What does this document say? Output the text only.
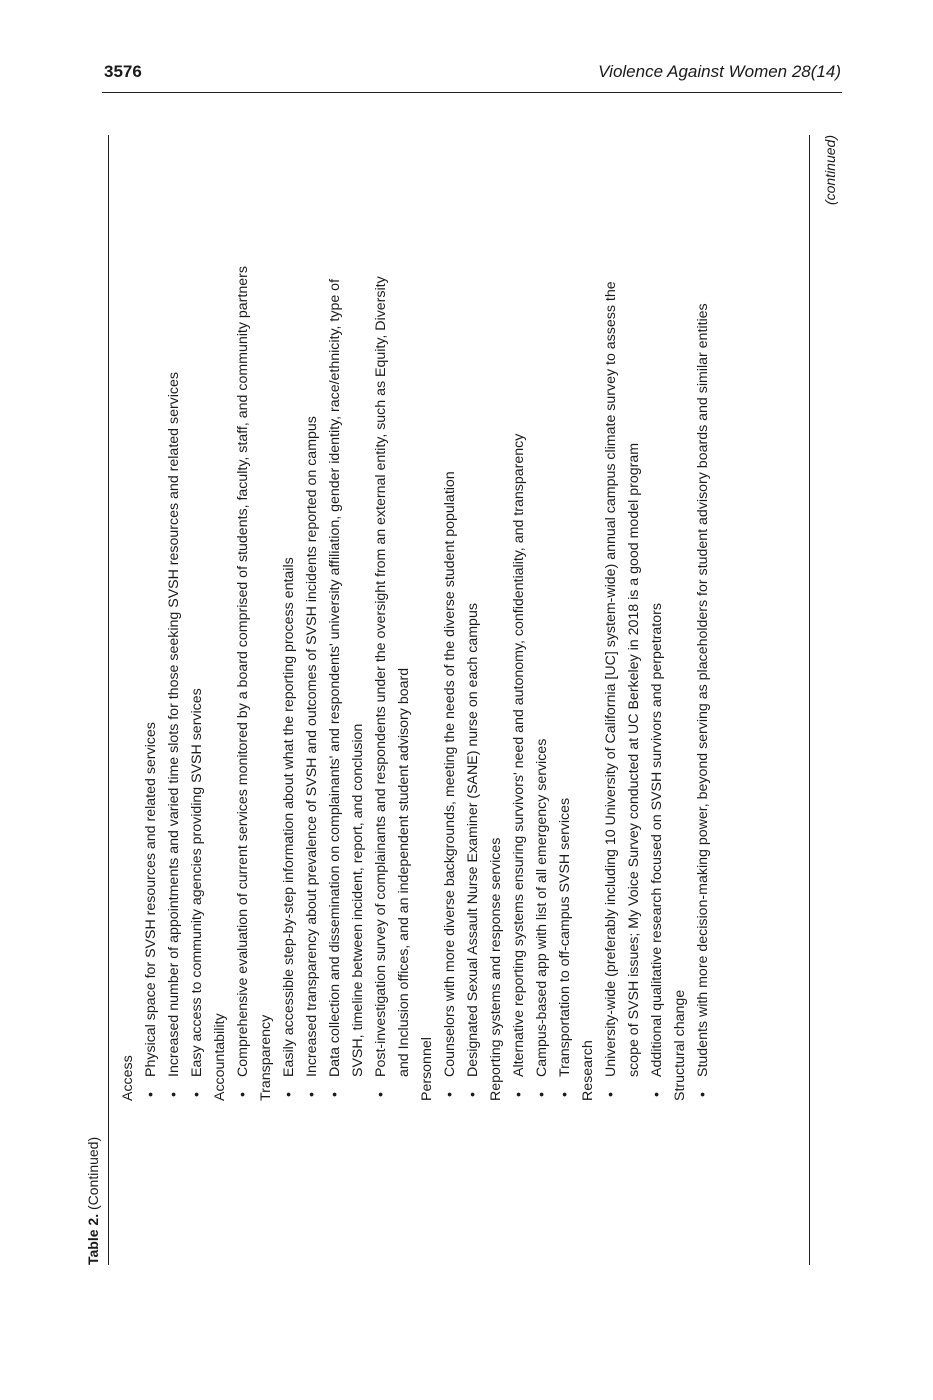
3576	Violence Against Women 28(14)
Table 2. (Continued)
Access •
Physical space for SVSH resources and related services
•
Increased number of appointments and varied time slots for those seeking SVSH resources and related services
•
Easy access to community agencies providing SVSH services Accountability •
Comprehensive evaluation of current services monitored by a board comprised of students, faculty, staff, and community partners Transparency •
Easily accessible step-by-step information about what the reporting process entails
•
Increased transparency about prevalence of SVSH and outcomes of SVSH incidents reported on campus
•
Data collection and dissemination on complainants' and respondents' university affiliation, gender identity, race/ethnicity, type of SVSH, timeline between incident, report, and conclusion
•
Post-investigation survey of complainants and respondents under the oversight from an external entity, such as Equity, Diversity and Inclusion offices, and an independent student advisory board Personnel •
Counselors with more diverse backgrounds, meeting the needs of the diverse student population
•
Designated Sexual Assault Nurse Examiner (SANE) nurse on each campus Reporting systems and response services •
Alternative reporting systems ensuring survivors' need and autonomy, confidentiality, and transparency
•
Campus-based app with list of all emergency services
•
Transportation to off-campus SVSH services Research •
University-wide (preferably including 10 University of California [UC] system-wide) annual campus climate survey to assess the scope of SVSH issues; My Voice Survey conducted at UC Berkeley in 2018 is a good model program
•
Additional qualitative research focused on SVSH survivors and perpetrators Structural change •
Students with more decision-making power, beyond serving as placeholders for student advisory boards and similar entities
(continued)
